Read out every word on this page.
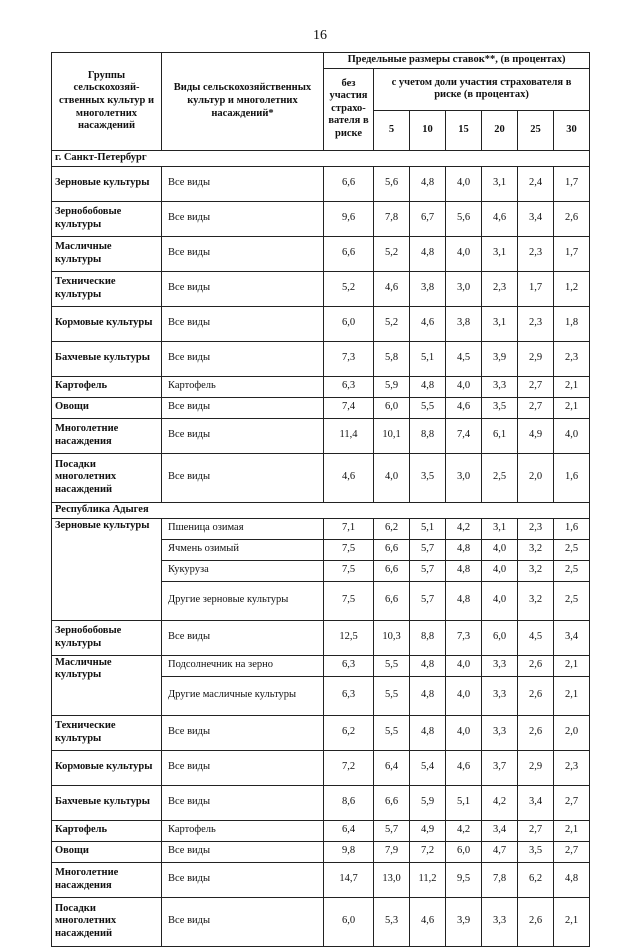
16
Группы сельскохозяй-ственных культур и многолетних насаждений	Виды сельскохозяйственных культур и многолетних насаждений*	Предельные размеры ставок**, (в процентах)						
		без участия страхо-вателя в риске	с учетом доли участия страхователя в риске (в процентах)					
			5	10	15	20	25	30
г. Санкт-Петербург								
Зерновые культуры	Все виды	6,6	5,6	4,8	4,0	3,1	2,4	1,7
Зернобобовые культуры	Все виды	9,6	7,8	6,7	5,6	4,6	3,4	2,6
Масличные культуры	Все виды	6,6	5,2	4,8	4,0	3,1	2,3	1,7
Технические культуры	Все виды	5,2	4,6	3,8	3,0	2,3	1,7	1,2
Кормовые культуры	Все виды	6,0	5,2	4,6	3,8	3,1	2,3	1,8
Бахчевые культуры	Все виды	7,3	5,8	5,1	4,5	3,9	2,9	2,3
Картофель	Картофель	6,3	5,9	4,8	4,0	3,3	2,7	2,1
Овощи	Все виды	7,4	6,0	5,5	4,6	3,5	2,7	2,1
Многолетние насаждения	Все виды	11,4	10,1	8,8	7,4	6,1	4,9	4,0
Посадки многолетних насаждений	Все виды	4,6	4,0	3,5	3,0	2,5	2,0	1,6
Республика Адыгея								
Зерновые культуры	Пшеница озимая	7,1	6,2	5,1	4,2	3,1	2,3	1,6
	Ячмень озимый	7,5	6,6	5,7	4,8	4,0	3,2	2,5
	Кукуруза	7,5	6,6	5,7	4,8	4,0	3,2	2,5
	Другие зерновые культуры	7,5	6,6	5,7	4,8	4,0	3,2	2,5
Зернобобовые культуры	Все виды	12,5	10,3	8,8	7,3	6,0	4,5	3,4
Масличные культуры	Подсолнечник на зерно	6,3	5,5	4,8	4,0	3,3	2,6	2,1
	Другие масличные культуры	6,3	5,5	4,8	4,0	3,3	2,6	2,1
Технические культуры	Все виды	6,2	5,5	4,8	4,0	3,3	2,6	2,0
Кормовые культуры	Все виды	7,2	6,4	5,4	4,6	3,7	2,9	2,3
Бахчевые культуры	Все виды	8,6	6,6	5,9	5,1	4,2	3,4	2,7
Картофель	Картофель	6,4	5,7	4,9	4,2	3,4	2,7	2,1
Овощи	Все виды	9,8	7,9	7,2	6,0	4,7	3,5	2,7
Многолетние насаждения	Все виды	14,7	13,0	11,2	9,5	7,8	6,2	4,8
Посадки многолетних насаждений	Все виды	6,0	5,3	4,6	3,9	3,3	2,6	2,1
